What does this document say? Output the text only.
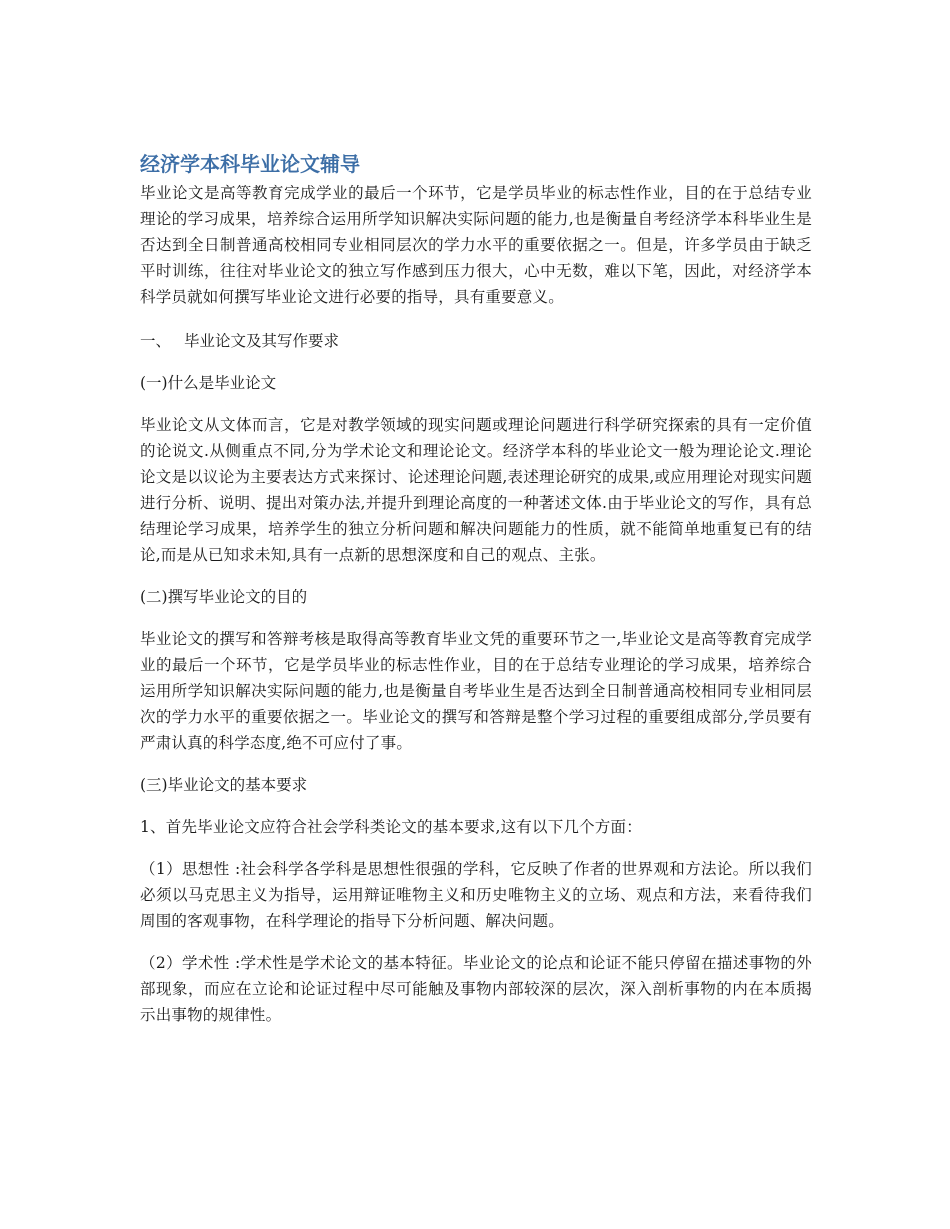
经济学本科毕业论文辅导

毕业论文是高等教育完成学业的最后一个环节，它是学员毕业的标志性作业，目的在于总结专业理论的学习成果，培养综合运用所学知识解决实际问题的能力,也是衡量自考经济学本科毕业生是否达到全日制普通高校相同专业相同层次的学力水平的重要依据之一。但是，许多学员由于缺乏平时训练，往往对毕业论文的独立写作感到压力很大，心中无数，难以下笔，因此，对经济学本科学员就如何撰写毕业论文进行必要的指导，具有重要意义。

一、 毕业论文及其写作要求

(一)什么是毕业论文

毕业论文从文体而言，它是对教学领域的现实问题或理论问题进行科学研究探索的具有一定价值的论说文.从侧重点不同,分为学术论文和理论论文。经济学本科的毕业论文一般为理论论文.理论论文是以议论为主要表达方式来探讨、论述理论问题,表述理论研究的成果,或应用理论对现实问题进行分析、说明、提出对策办法,并提升到理论高度的一种著述文体.由于毕业论文的写作，具有总结理论学习成果，培养学生的独立分析问题和解决问题能力的性质，就不能简单地重复已有的结论,而是从已知求未知,具有一点新的思想深度和自己的观点、主张。

(二)撰写毕业论文的目的

毕业论文的撰写和答辩考核是取得高等教育毕业文凭的重要环节之一,毕业论文是高等教育完成学业的最后一个环节，它是学员毕业的标志性作业，目的在于总结专业理论的学习成果，培养综合运用所学知识解决实际问题的能力,也是衡量自考毕业生是否达到全日制普通高校相同专业相同层次的学力水平的重要依据之一。毕业论文的撰写和答辩是整个学习过程的重要组成部分,学员要有严肃认真的科学态度,绝不可应付了事。

(三)毕业论文的基本要求

1、首先毕业论文应符合社会学科类论文的基本要求,这有以下几个方面：

（1）思想性 :社会科学各学科是思想性很强的学科，它反映了作者的世界观和方法论。所以我们必须以马克思主义为指导，运用辩证唯物主义和历史唯物主义的立场、观点和方法，来看待我们周围的客观事物，在科学理论的指导下分析问题、解决问题。

（2）学术性 :学术性是学术论文的基本特征。毕业论文的论点和论证不能只停留在描述事物的外部现象，而应在立论和论证过程中尽可能触及事物内部较深的层次，深入剖析事物的内在本质揭示出事物的规律性。
